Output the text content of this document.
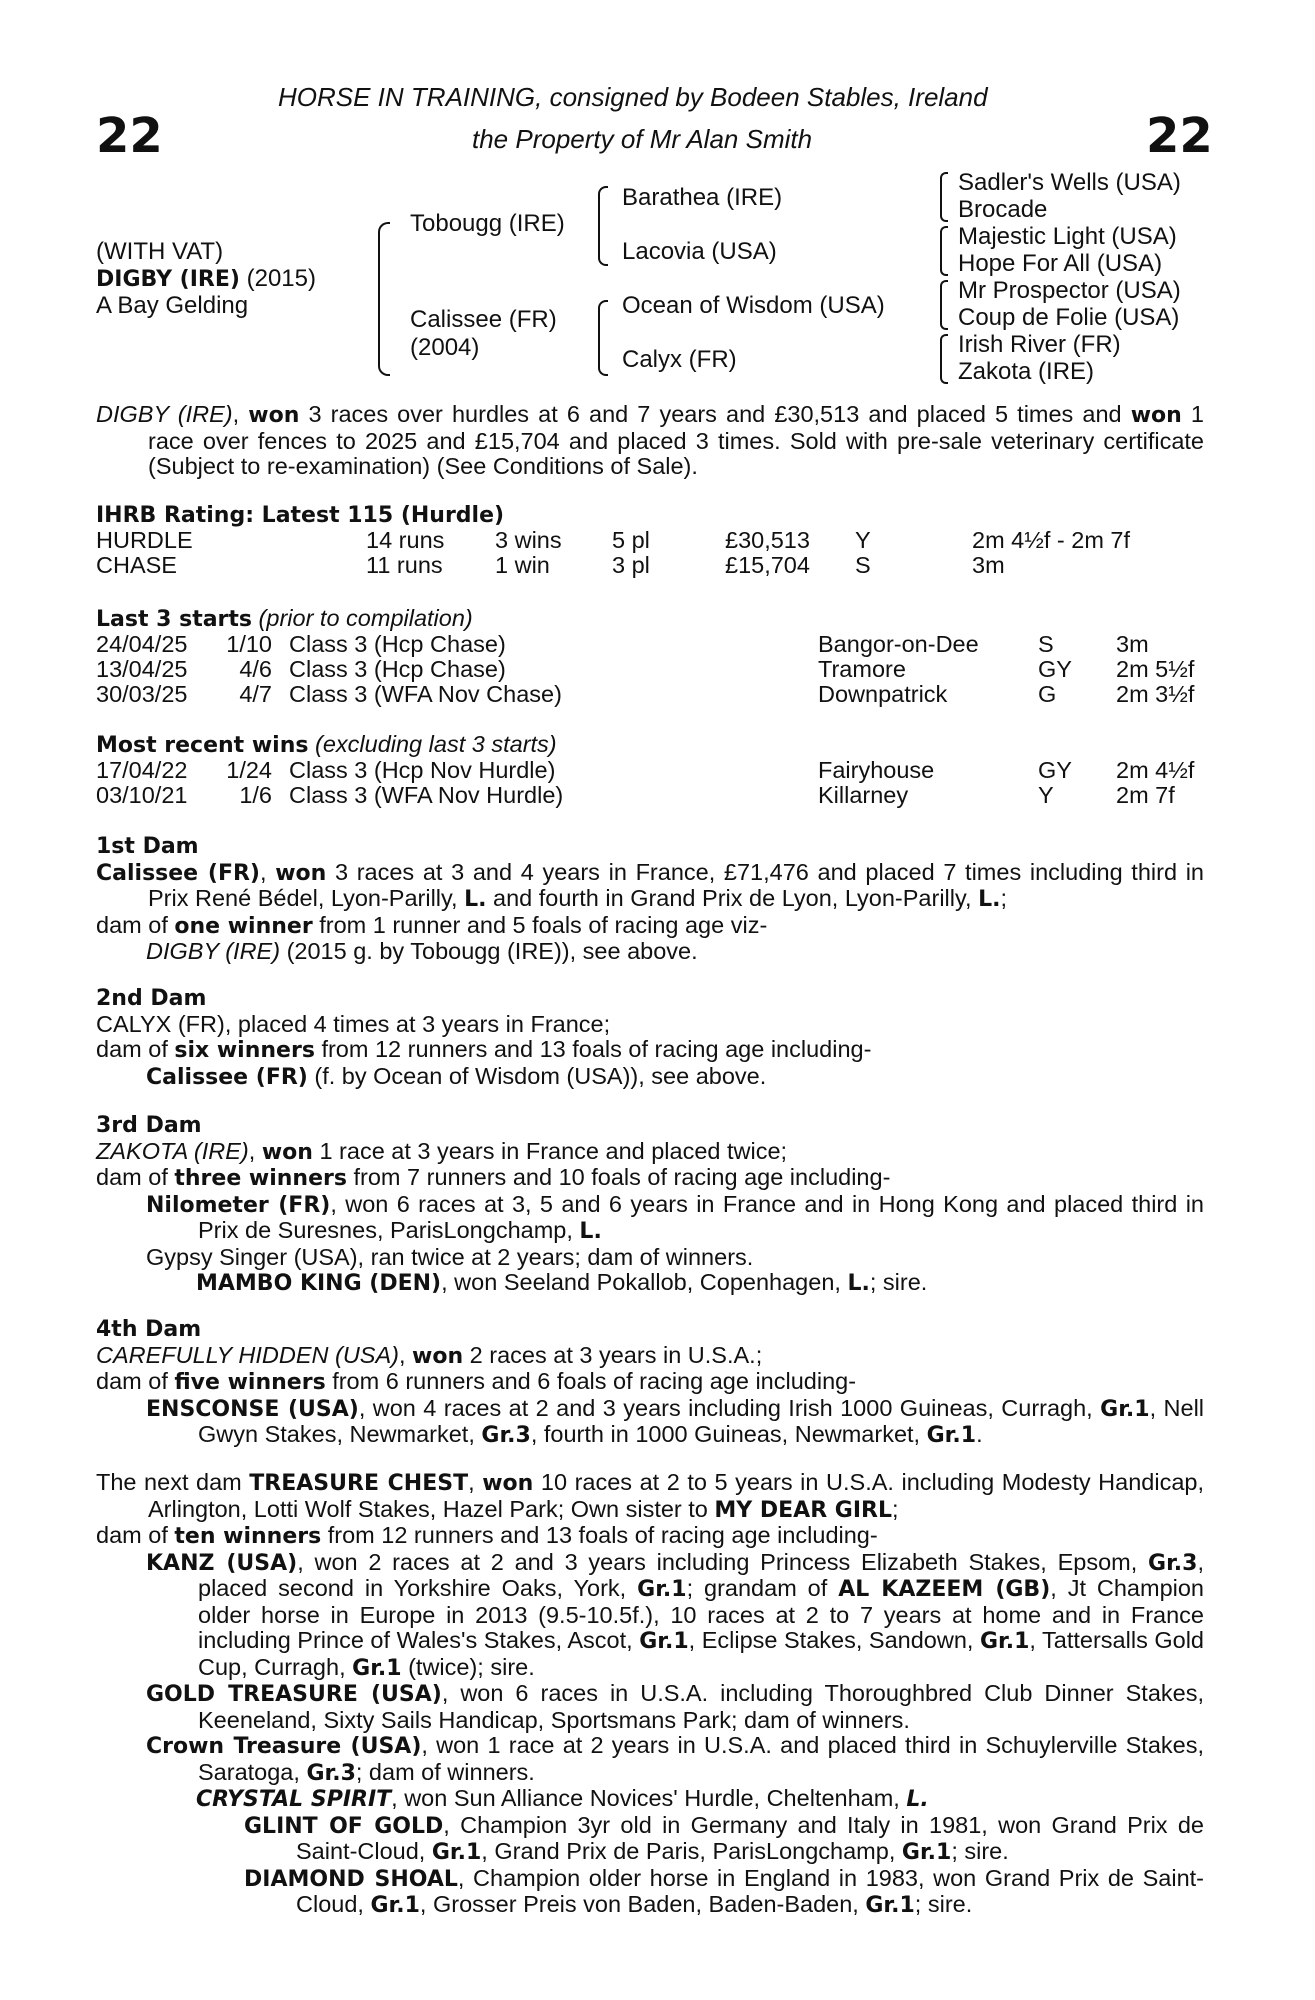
22	22
HORSE IN TRAINING, consigned by Bodeen Stables, Ireland
the Property of Mr Alan Smith
(WITH VAT)
DIGBY (IRE) (2015)
A Bay Gelding
Tobougg (IRE)
Calissee (FR)
(2004)
Barathea (IRE)
Lacovia (USA)
Ocean of Wisdom (USA)
Calyx (FR)
Sadler's Wells (USA)
Brocade
Majestic Light (USA)
Hope For All (USA)
Mr Prospector (USA)
Coup de Folie (USA)
Irish River (FR)
Zakota (IRE)
DIGBY (IRE), won 3 races over hurdles at 6 and 7 years and £30,513 and placed 5 times and won 1 race over fences to 2025 and £15,704 and placed 3 times. Sold with pre-sale veterinary certificate (Subject to re-examination) (See Conditions of Sale).
IHRB Rating: Latest 115 (Hurdle)
HURDLE	14 runs 3 wins 5 pl	£30,513 Y	2m 4½f - 2m 7f
CHASE	11 runs 1 win	3 pl	£15,704 S	3m
Last 3 starts (prior to compilation)
24/04/25 1/10 Class 3 (Hcp Chase)	Bangor-on-Dee	S	3m
13/04/25	4/6 Class 3 (Hcp Chase)	Tramore	GY 2m 5½f
30/03/25	4/7 Class 3 (WFA Nov Chase)	Downpatrick	G	2m 3½f
Most recent wins (excluding last 3 starts)
17/04/22 1/24 Class 3 (Hcp Nov Hurdle)	Fairyhouse	GY 2m 4½f
03/10/21	1/6 Class 3 (WFA Nov Hurdle)	Killarney	Y	2m 7f
1st Dam
Calissee (FR), won 3 races at 3 and 4 years in France, £71,476 and placed 7 times including third in Prix René Bédel, Lyon-Parilly, L. and fourth in Grand Prix de Lyon, Lyon-Parilly, L.;
dam of one winner from 1 runner and 5 foals of racing age viz-
DIGBY (IRE) (2015 g. by Tobougg (IRE)), see above.
2nd Dam
CALYX (FR), placed 4 times at 3 years in France;
dam of six winners from 12 runners and 13 foals of racing age including-
Calissee (FR) (f. by Ocean of Wisdom (USA)), see above.
3rd Dam
ZAKOTA (IRE), won 1 race at 3 years in France and placed twice;
dam of three winners from 7 runners and 10 foals of racing age including-
Nilometer (FR), won 6 races at 3, 5 and 6 years in France and in Hong Kong and placed third in Prix de Suresnes, ParisLongchamp, L.
Gypsy Singer (USA), ran twice at 2 years; dam of winners.
MAMBO KING (DEN), won Seeland Pokallob, Copenhagen, L.; sire.
4th Dam
CAREFULLY HIDDEN (USA), won 2 races at 3 years in U.S.A.;
dam of five winners from 6 runners and 6 foals of racing age including-
ENSCONSE (USA), won 4 races at 2 and 3 years including Irish 1000 Guineas, Curragh, Gr.1, Nell Gwyn Stakes, Newmarket, Gr.3, fourth in 1000 Guineas, Newmarket, Gr.1.
The next dam TREASURE CHEST, won 10 races at 2 to 5 years in U.S.A. including Modesty Handicap, Arlington, Lotti Wolf Stakes, Hazel Park; Own sister to MY DEAR GIRL;
dam of ten winners from 12 runners and 13 foals of racing age including-
KANZ (USA), won 2 races at 2 and 3 years including Princess Elizabeth Stakes, Epsom, Gr.3, placed second in Yorkshire Oaks, York, Gr.1; grandam of AL KAZEEM (GB), Jt Champion older horse in Europe in 2013 (9.5-10.5f.), 10 races at 2 to 7 years at home and in France including Prince of Wales's Stakes, Ascot, Gr.1, Eclipse Stakes, Sandown, Gr.1, Tattersalls Gold Cup, Curragh, Gr.1 (twice); sire.
GOLD TREASURE (USA), won 6 races in U.S.A. including Thoroughbred Club Dinner Stakes, Keeneland, Sixty Sails Handicap, Sportsmans Park; dam of winners.
Crown Treasure (USA), won 1 race at 2 years in U.S.A. and placed third in Schuylerville Stakes, Saratoga, Gr.3; dam of winners.
CRYSTAL SPIRIT, won Sun Alliance Novices' Hurdle, Cheltenham, L.
GLINT OF GOLD, Champion 3yr old in Germany and Italy in 1981, won Grand Prix de Saint-Cloud, Gr.1, Grand Prix de Paris, ParisLongchamp, Gr.1; sire.
DIAMOND SHOAL, Champion older horse in England in 1983, won Grand Prix de Saint-Cloud, Gr.1, Grosser Preis von Baden, Baden-Baden, Gr.1; sire.
